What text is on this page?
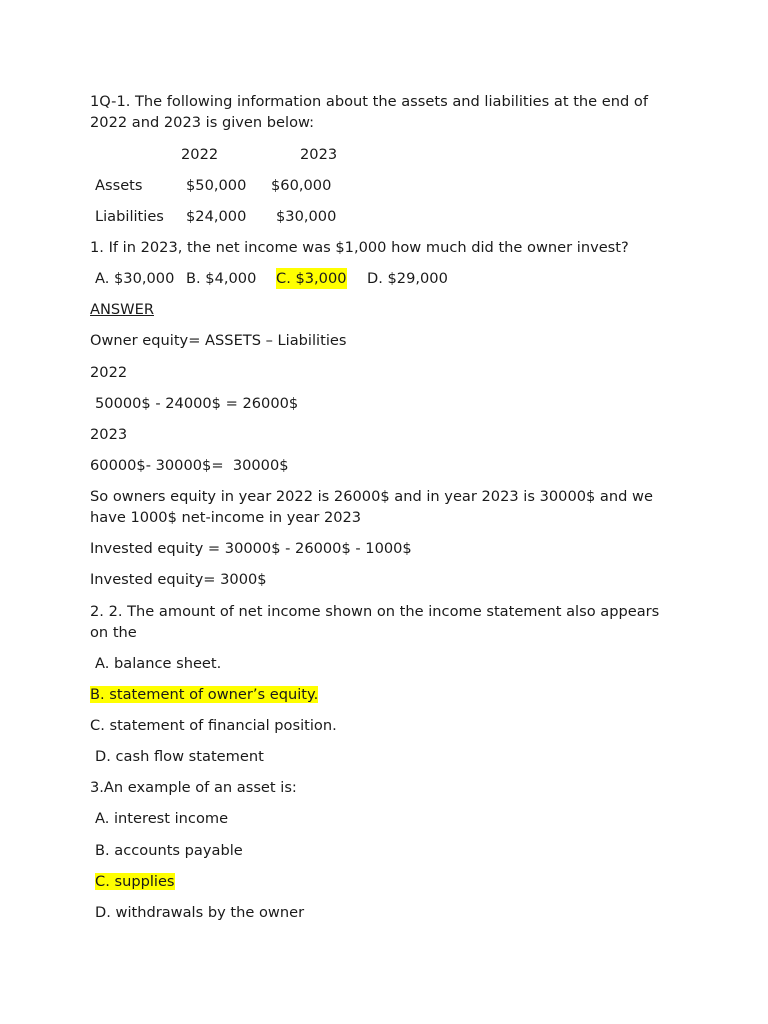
1Q-1. The following information about the assets and liabilities at the end of 2022 and 2023 is given below:

2022	2023
Assets	$50,000 $60,000
Liabilities $24,000 $30,000

1. If in 2023, the net income was $1,000 how much did the owner invest?

A. $30,000 B. $4,000 C. $3,000 D. $29,000

ANSWER

Owner equity= ASSETS – Liabilities

2022

50000$ - 24000$ = 26000$

2023

60000$- 30000$=  30000$

So owners equity in year 2022 is 26000$ and in year 2023 is 30000$ and we have 1000$ net-income in year 2023

Invested equity = 30000$ - 26000$ - 1000$

Invested equity= 3000$

2. 2. The amount of net income shown on the income statement also appears on the

A. balance sheet.

B. statement of owner’s equity.

C. statement of financial position.

D. cash flow statement

3.An example of an asset is:

A. interest income

B. accounts payable

C. supplies

D. withdrawals by the owner
